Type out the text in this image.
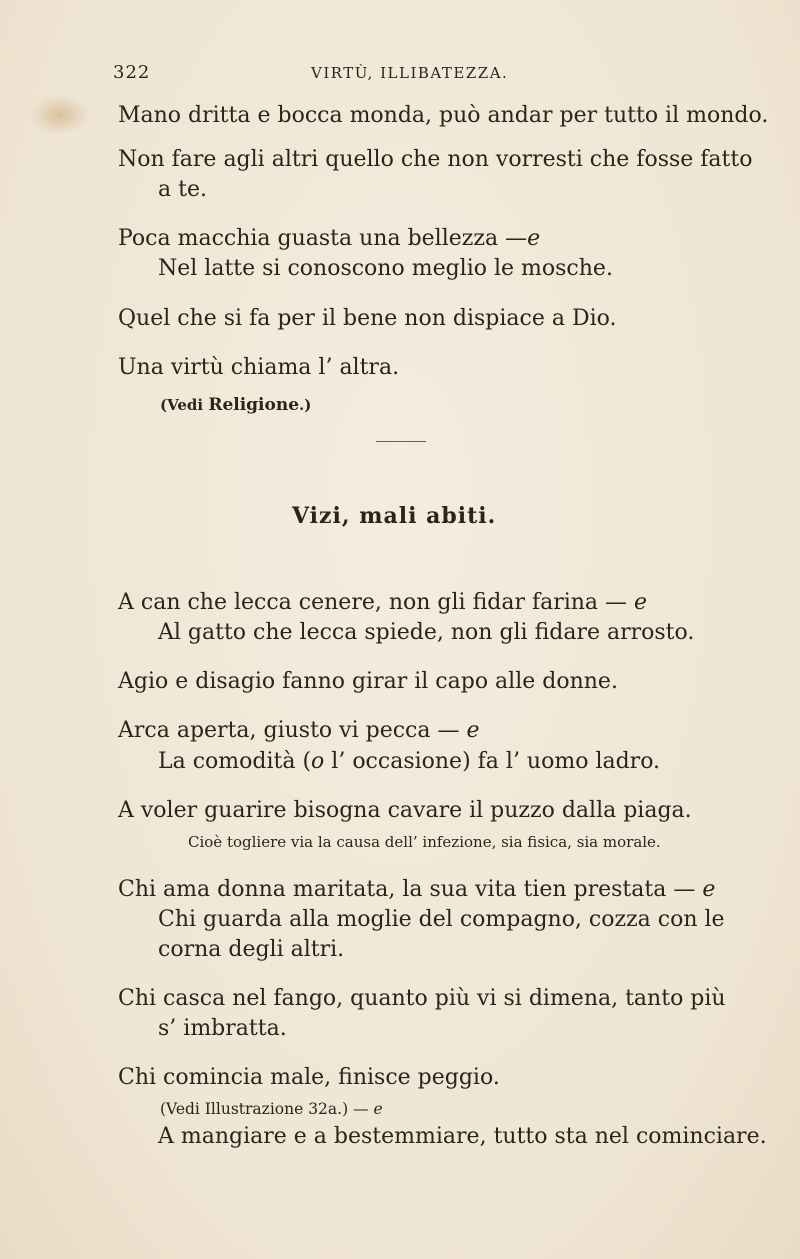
322	VIRTÙ, ILLIBATEZZA.
Mano dritta e bocca monda, può andar per tutto il mondo.
Non fare agli altri quello che non vorresti che fosse fatto
a te.
Poca macchia guasta una bellezza —e
Nel latte si conoscono meglio le mosche.
Quel che si fa per il bene non dispiace a Dio.
Una virtù chiama l’ altra.
(Vedi Religione.)
Vizi, mali abiti.
A can che lecca cenere, non gli fidar farina — e
Al gatto che lecca spiede, non gli fidare arrosto.
Agio e disagio fanno girar il capo alle donne.
Arca aperta, giusto vi pecca — e
La comodità (o l’ occasione) fa l’ uomo ladro.
A voler guarire bisogna cavare il puzzo dalla piaga.
Cioè togliere via la causa dell’ infezione, sia fisica, sia morale.
Chi ama donna maritata, la sua vita tien prestata — e
Chi guarda alla moglie del compagno, cozza con le
corna degli altri.
Chi casca nel fango, quanto più vi si dimena, tanto più
s’ imbratta.
Chi comincia male, finisce peggio.
(Vedi Illustrazione 32a.) — e
A mangiare e a bestemmiare, tutto sta nel cominciare.
